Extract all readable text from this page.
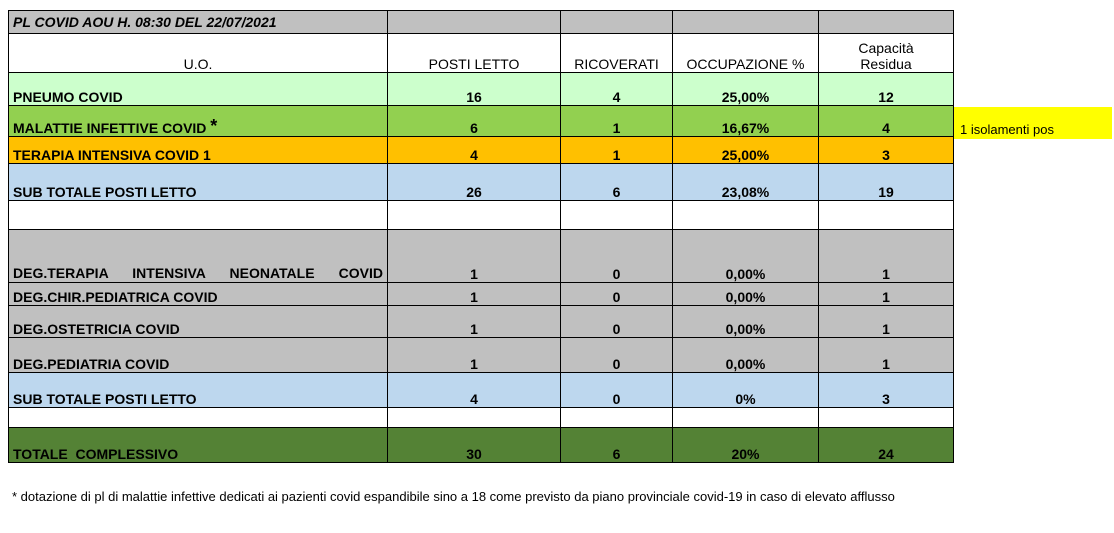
PL COVID AOU H. 08:30 DEL 22/07/2021				
U.O.	POSTI LETTO	RICOVERATI	OCCUPAZIONE %	Capacità Residua
PNEUMO COVID	16	4	25,00%	12
MALATTIE INFETTIVE COVID *	6	1	16,67%	4
TERAPIA INTENSIVA COVID 1	4	1	25,00%	3
SUB TOTALE POSTI LETTO	26	6	23,08%	19

DEG.TERAPIA INTENSIVA NEONATALE COVID	1	0	0,00%	1
DEG.CHIR.PEDIATRICA COVID	1	0	0,00%	1
DEG.OSTETRICIA COVID	1	0	0,00%	1
DEG.PEDIATRIA COVID	1	0	0,00%	1
SUB TOTALE POSTI LETTO	4	0	0%	3

TOTALE  COMPLESSIVO	30	6	20%	24
1 isolamenti pos
* dotazione di pl di malattie infettive dedicati ai pazienti covid espandibile sino a 18 come previsto da piano provinciale covid-19 in caso di elevato afflusso
